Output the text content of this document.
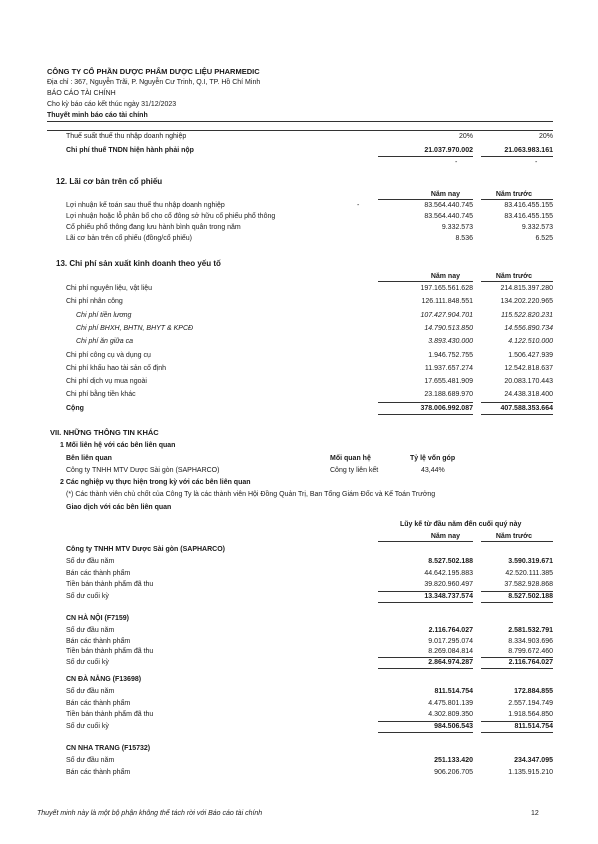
CÔNG TY CỔ PHẦN DƯỢC PHẨM DƯỢC LIỆU PHARMEDIC
Địa chỉ : 367, Nguyễn Trãi, P. Nguyễn Cư Trinh, Q.I, TP. Hồ Chí Minh
BÁO CÁO TÀI CHÍNH
Cho kỳ báo cáo kết thúc ngày 31/12/2023
Thuyết minh báo cáo tài chính
Thuế suất thuế thu nhập doanh nghiệp	20%	20%
Chi phí thuế TNDN hiện hành phải nộp	21.037.970.002	21.063.983.161
-	-
12. Lãi cơ bản trên cổ phiếu
Năm nay	Năm trước
Lợi nhuận kế toán sau thuế thu nhập doanh nghiệp	83.564.440.745	83.416.455.155
Lợi nhuận hoặc lỗ phân bổ cho cổ đông sở hữu cổ phiếu phổ thông	83.564.440.745	83.416.455.155
Cổ phiếu phổ thông đang lưu hành bình quân trong năm	9.332.573	9.332.573
Lãi cơ bản trên cổ phiếu (đồng/cổ phiếu)	8.536	6.525
-
13. Chi phí sản xuất kinh doanh theo yếu tố
Năm nay	Năm trước
Chi phí nguyên liệu, vật liệu	197.165.561.628	214.815.397.280
Chi phí nhân công	126.111.848.551	134.202.220.965
Chi phí tiền lương	107.427.904.701	115.522.820.231
Chi phí BHXH, BHTN, BHYT & KPCĐ	14.790.513.850	14.556.890.734
Chi phí ăn giữa ca	3.893.430.000	4.122.510.000
Chi phí công cụ và dụng cụ	1.946.752.755	1.506.427.939
Chi phí khấu hao tài sản cố định	11.937.657.274	12.542.818.637
Chi phí dịch vụ mua ngoài	17.655.481.909	20.083.170.443
Chi phí bằng tiền khác	23.188.689.970	24.438.318.400
Cộng	378.006.992.087	407.588.353.664
VII. NHỮNG THÔNG TIN KHÁC
1 Mối liên hệ với các bên liên quan
Bên liên quan	Mối quan hệ	Tỷ lệ vốn góp
Công ty TNHH MTV Dược Sài gòn (SAPHARCO)	Công ty liên kết	43,44%
2 Các nghiệp vụ thực hiện trong kỳ với các bên liên quan
(*) Các thành viên chủ chốt của Công Ty là các thành viên Hội Đồng Quản Trị, Ban Tổng Giám Đốc và Kế Toán Trưởng
Giao dịch với các bên liên quan
Lũy kế từ đầu năm đến cuối quý này
Năm nay	Năm trước
Công ty TNHH MTV Dược Sài gòn (SAPHARCO)
Số dư đầu năm	8.527.502.188	3.590.319.671
Bán các thành phẩm	44.642.195.883	42.520.111.385
Tiền bán thành phẩm đã thu	39.820.960.497	37.582.928.868
Số dư cuối kỳ	13.348.737.574	8.527.502.188
CN HÀ NỘI (F7159)
Số dư đầu năm	2.116.764.027	2.581.532.791
Bán các thành phẩm	9.017.295.074	8.334.903.696
Tiền bán thành phẩm đã thu	8.269.084.814	8.799.672.460
Số dư cuối kỳ	2.864.974.287	2.116.764.027
CN ĐÀ NẴNG (F13698)
Số dư đầu năm	811.514.754	172.884.855
Bán các thành phẩm	4.475.801.139	2.557.194.749
Tiền bán thành phẩm đã thu	4.302.809.350	1.918.564.850
Số dư cuối kỳ	984.506.543	811.514.754
CN NHA TRANG (F15732)
Số dư đầu năm	251.133.420	234.347.095
Bán các thành phẩm	906.206.705	1.135.915.210
Thuyết minh này là một bộ phận không thể tách rời với Báo cáo tài chính	12
